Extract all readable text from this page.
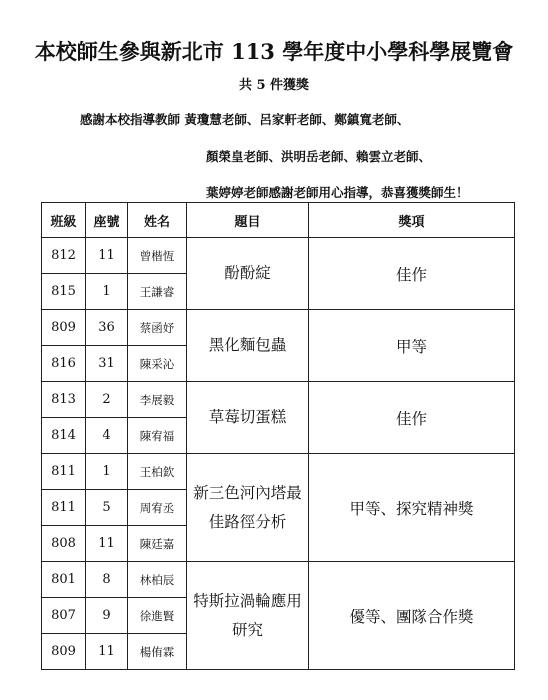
本校師生參與新北市 113 學年度中小學科學展覽會
共 5 件獲獎
感謝本校指導教師 黃瓊慧老師、呂家軒老師、鄭鎮寬老師、
顏榮皇老師、洪明岳老師、賴雲立老師、
葉婷婷老師感謝老師用心指導，恭喜獲獎師生！
班級	座號	姓名	題目	獎項
812	11	曾楷恆	酚酚綻	佳作
815	1	王謙睿		
809	36	蔡函妤	黑化麵包蟲	甲等
816	31	陳采沁		
813	2	李展毅	草莓切蛋糕	佳作
814	4	陳宥福		
811	1	王柏欽	新三色河內塔最佳路徑分析	甲等、探究精神獎
811	5	周宥丞		
808	11	陳廷嘉		
801	8	林柏辰	特斯拉渦輪應用研究	優等、團隊合作獎
807	9	徐進賢		
809	11	楊侑霖		
